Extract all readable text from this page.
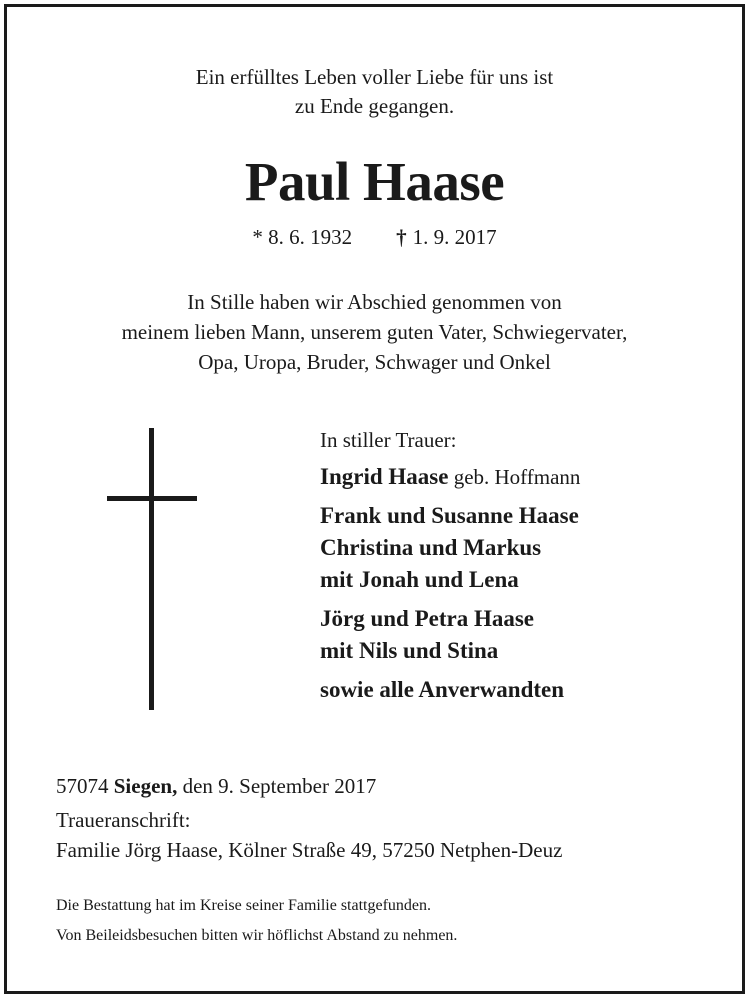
Ein erfülltes Leben voller Liebe für uns ist
zu Ende gegangen.
Paul Haase
* 8. 6. 1932 † 1. 9. 2017
In Stille haben wir Abschied genommen von
meinem lieben Mann, unserem guten Vater, Schwiegervater,
Opa, Uropa, Bruder, Schwager und Onkel
In stiller Trauer:
Ingrid Haase geb. Hoffmann
Frank und Susanne Haase
Christina und Markus
mit Jonah und Lena
Jörg und Petra Haase
mit Nils und Stina
sowie alle Anverwandten
57074 Siegen, den 9. September 2017
Traueranschrift:
Familie Jörg Haase, Kölner Straße 49, 57250 Netphen-Deuz
Die Bestattung hat im Kreise seiner Familie stattgefunden.
Von Beileidsbesuchen bitten wir höflichst Abstand zu nehmen.
